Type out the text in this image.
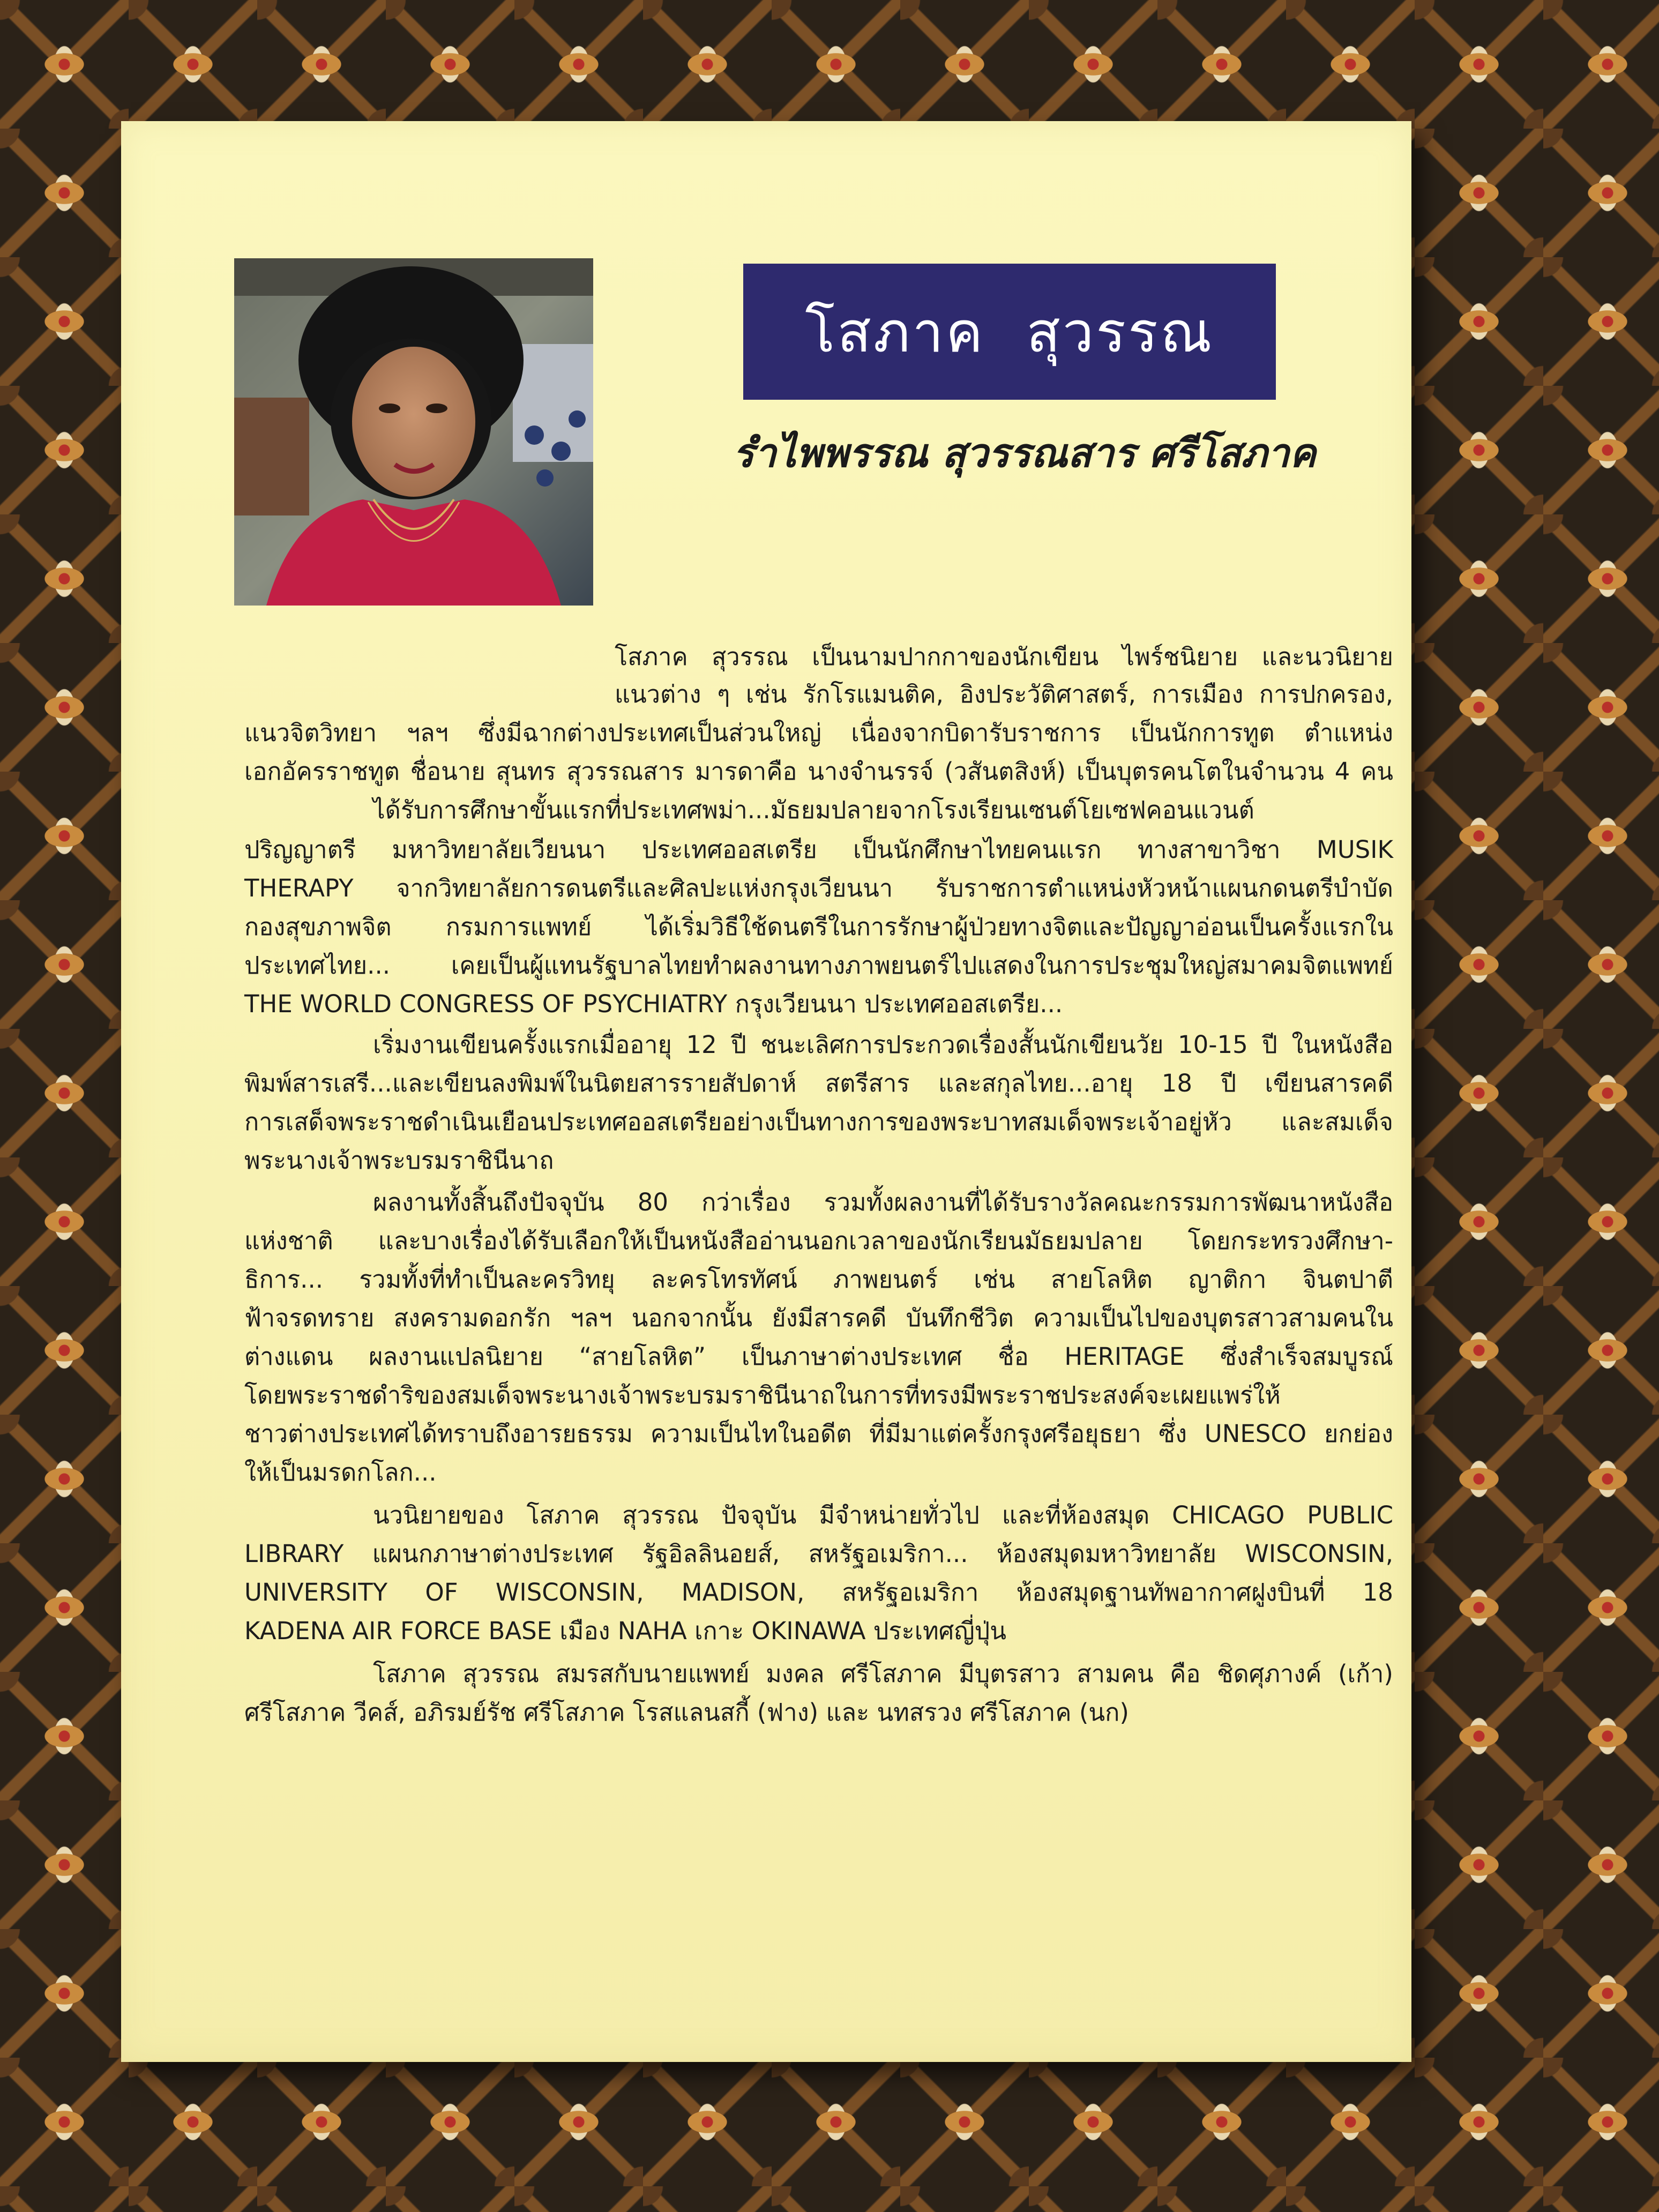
โสภาค สุวรรณ
รำไพพรรณ สุวรรณสาร ศรีโสภาค
โสภาค สุวรรณ เป็นนามปากกาของนักเขียน ไพร์ชนิยาย และนวนิยาย
แนวต่าง ๆ เช่น รักโรแมนติค, อิงประวัติศาสตร์, การเมือง การปกครอง,
แนวจิตวิทยา ฯลฯ ซึ่งมีฉากต่างประเทศเป็นส่วนใหญ่ เนื่องจากบิดารับราชการ เป็นนักการทูต ตำแหน่ง
เอกอัครราชทูต ชื่อนาย สุนทร สุวรรณสาร มารดาคือ นางจำนรรจ์ (วสันตสิงห์) เป็นบุตรคนโตในจำนวน 4 คน
ได้รับการศึกษาขั้นแรกที่ประเทศพม่า...มัธยมปลายจากโรงเรียนเซนต์โยเซฟคอนแวนต์
ปริญญาตรี มหาวิทยาลัยเวียนนา ประเทศออสเตรีย เป็นนักศึกษาไทยคนแรก ทางสาขาวิชา MUSIK
THERAPY จากวิทยาลัยการดนตรีและศิลปะแห่งกรุงเวียนนา รับราชการตำแหน่งหัวหน้าแผนกดนตรีบำบัด
กองสุขภาพจิต กรมการแพทย์ ได้เริ่มวิธีใช้ดนตรีในการรักษาผู้ป่วยทางจิตและปัญญาอ่อนเป็นครั้งแรกใน
ประเทศไทย... เคยเป็นผู้แทนรัฐบาลไทยทำผลงานทางภาพยนตร์ไปแสดงในการประชุมใหญ่สมาคมจิตแพทย์
THE WORLD CONGRESS OF PSYCHIATRY กรุงเวียนนา ประเทศออสเตรีย...
เริ่มงานเขียนครั้งแรกเมื่ออายุ 12 ปี ชนะเลิศการประกวดเรื่องสั้นนักเขียนวัย 10-15 ปี ในหนังสือ
พิมพ์สารเสรี...และเขียนลงพิมพ์ในนิตยสารรายสัปดาห์ สตรีสาร และสกุลไทย...อายุ 18 ปี เขียนสารคดี
การเสด็จพระราชดำเนินเยือนประเทศออสเตรียอย่างเป็นทางการของพระบาทสมเด็จพระเจ้าอยู่หัว และสมเด็จ
พระนางเจ้าพระบรมราชินีนาถ
ผลงานทั้งสิ้นถึงปัจจุบัน 80 กว่าเรื่อง รวมทั้งผลงานที่ได้รับรางวัลคณะกรรมการพัฒนาหนังสือ
แห่งชาติ และบางเรื่องได้รับเลือกให้เป็นหนังสืออ่านนอกเวลาของนักเรียนมัธยมปลาย โดยกระทรวงศึกษา-
ธิการ... รวมทั้งที่ทำเป็นละครวิทยุ ละครโทรทัศน์ ภาพยนตร์ เช่น สายโลหิต ญาติกา จินตปาตี
ฟ้าจรดทราย สงครามดอกรัก ฯลฯ นอกจากนั้น ยังมีสารคดี บันทึกชีวิต ความเป็นไปของบุตรสาวสามคนใน
ต่างแดน ผลงานแปลนิยาย “สายโลหิต” เป็นภาษาต่างประเทศ ชื่อ HERITAGE ซึ่งสำเร็จสมบูรณ์
โดยพระราชดำริของสมเด็จพระนางเจ้าพระบรมราชินีนาถในการที่ทรงมีพระราชประสงค์จะเผยแพร่ให้
ชาวต่างประเทศได้ทราบถึงอารยธรรม ความเป็นไทในอดีต ที่มีมาแต่ครั้งกรุงศรีอยุธยา ซึ่ง UNESCO ยกย่อง
ให้เป็นมรดกโลก...
นวนิยายของ โสภาค สุวรรณ ปัจจุบัน มีจำหน่ายทั่วไป และที่ห้องสมุด CHICAGO PUBLIC
LIBRARY แผนกภาษาต่างประเทศ รัฐอิลลินอยส์, สหรัฐอเมริกา... ห้องสมุดมหาวิทยาลัย WISCONSIN,
UNIVERSITY OF WISCONSIN, MADISON, สหรัฐอเมริกา ห้องสมุดฐานทัพอากาศฝูงบินที่ 18
KADENA AIR FORCE BASE เมือง NAHA เกาะ OKINAWA ประเทศญี่ปุ่น
โสภาค สุวรรณ สมรสกับนายแพทย์ มงคล ศรีโสภาค มีบุตรสาว สามคน คือ ชิดศุภางค์ (เก้า)
ศรีโสภาค วีคส์, อภิรมย์รัช ศรีโสภาค โรสแลนสกี้ (ฟาง) และ นทสรวง ศรีโสภาค (นก)
